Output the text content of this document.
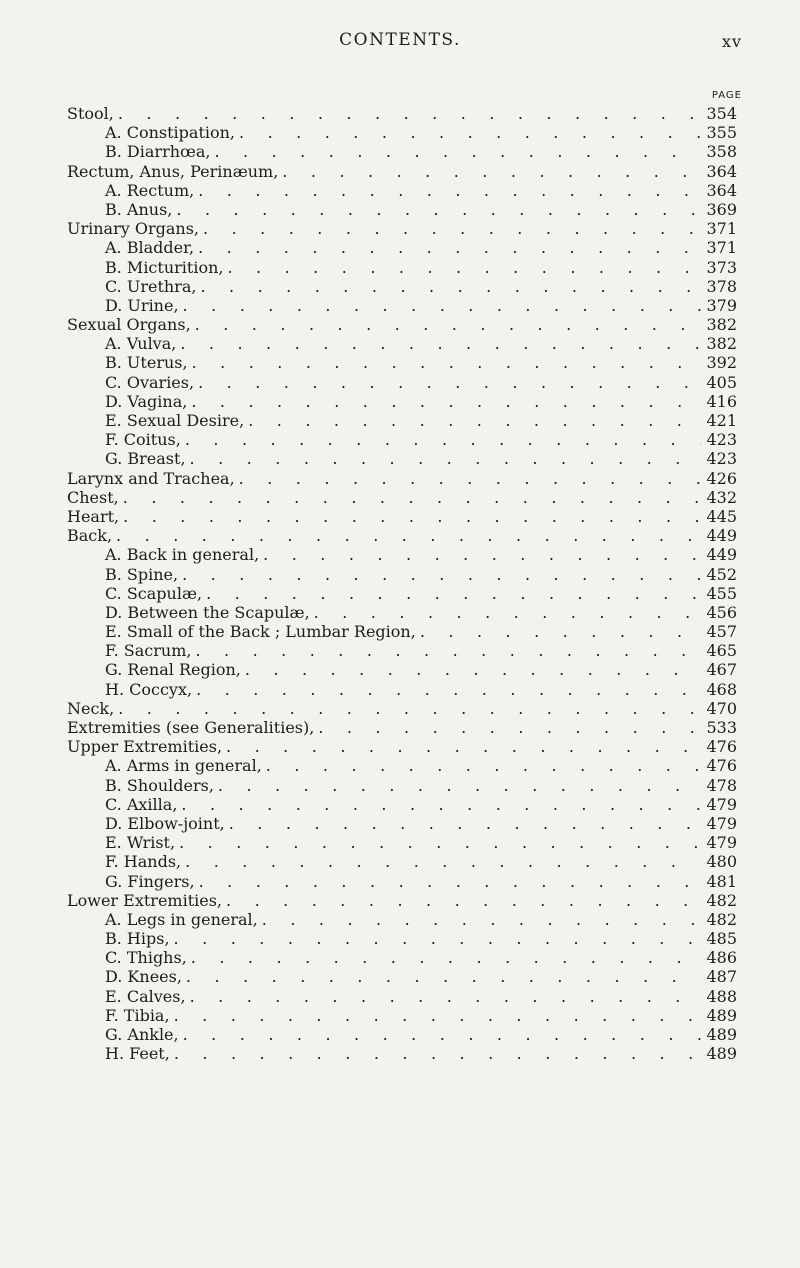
CONTENTS.	xv
PAGE
Stool, . . .	354
A. Constipation, . . .	355
B. Diarrhœa, . . .	358
Rectum, Anus, Perinæum, . . .	364
A. Rectum, . . .	364
B. Anus, . . .	369
Urinary Organs, . . .	371
A. Bladder, . . .	371
B. Micturition, . . .	373
C. Urethra, . . .	378
D. Urine, . . .	379
Sexual Organs, . . .	382
A. Vulva, . . .	382
B. Uterus, . . .	392
C. Ovaries, . . .	405
D. Vagina, . . .	416
E. Sexual Desire, . . .	421
F. Coitus, . . .	423
G. Breast, . . .	423
Larynx and Trachea, . . .	426
Chest, . . .	432
Heart, . . .	445
Back, . . .	449
A. Back in general, . . .	449
B. Spine, . . .	452
C. Scapulæ, . . .	455
D. Between the Scapulæ, . . .	456
E. Small of the Back ; Lumbar Region, . . .	457
F. Sacrum, . . .	465
G. Renal Region, . . .	467
H. Coccyx, . . .	468
Neck, . . .	470
Extremities (see Generalities), . . .	533
Upper Extremities, . . .	476
A. Arms in general, . . .	476
B. Shoulders, . . .	478
C. Axilla, . . .	479
D. Elbow-joint, . . .	479
E. Wrist, . . .	479
F. Hands, . . .	480
G. Fingers, . . .	481
Lower Extremities, . . .	482
A. Legs in general, . . .	482
B. Hips, . . .	485
C. Thighs, . . .	486
D. Knees, . . .	487
E. Calves, . . .	488
F. Tibia, . . .	489
G. Ankle, . . .	489
H. Feet, . . .	489
